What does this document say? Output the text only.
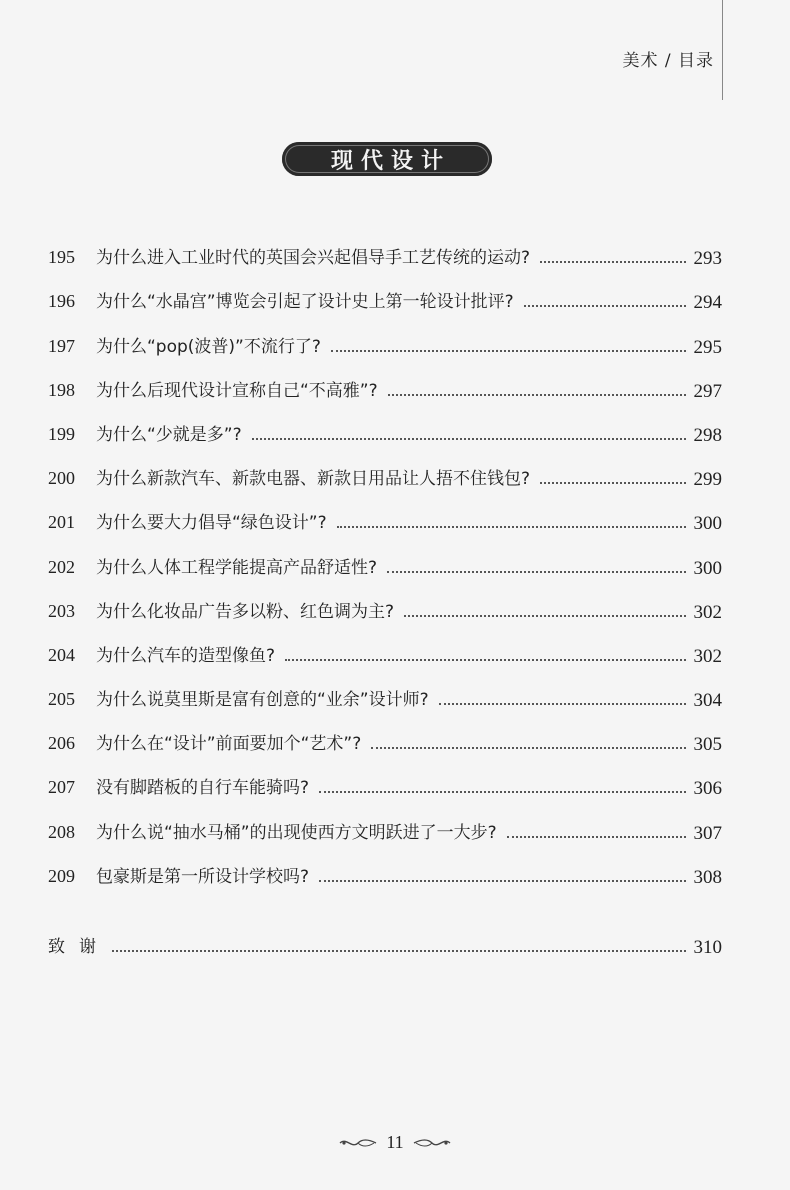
美术 / 目录
现代设计
195	为什么进入工业时代的英国会兴起倡导手工艺传统的运动?	293
196	为什么“水晶宫”博览会引起了设计史上第一轮设计批评?	294
197	为什么“pop(波普)”不流行了?	295
198	为什么后现代设计宣称自己“不高雅”?	297
199	为什么“少就是多”?	298
200	为什么新款汽车、新款电器、新款日用品让人捂不住钱包?	299
201	为什么要大力倡导“绿色设计”?	300
202	为什么人体工程学能提高产品舒适性?	300
203	为什么化妆品广告多以粉、红色调为主?	302
204	为什么汽车的造型像鱼?	302
205	为什么说莫里斯是富有创意的“业余”设计师?	304
206	为什么在“设计”前面要加个“艺术”?	305
207	没有脚踏板的自行车能骑吗?	306
208	为什么说“抽水马桶”的出现使西方文明跃进了一大步?	307
209	包豪斯是第一所设计学校吗?	308
致谢	310
11
